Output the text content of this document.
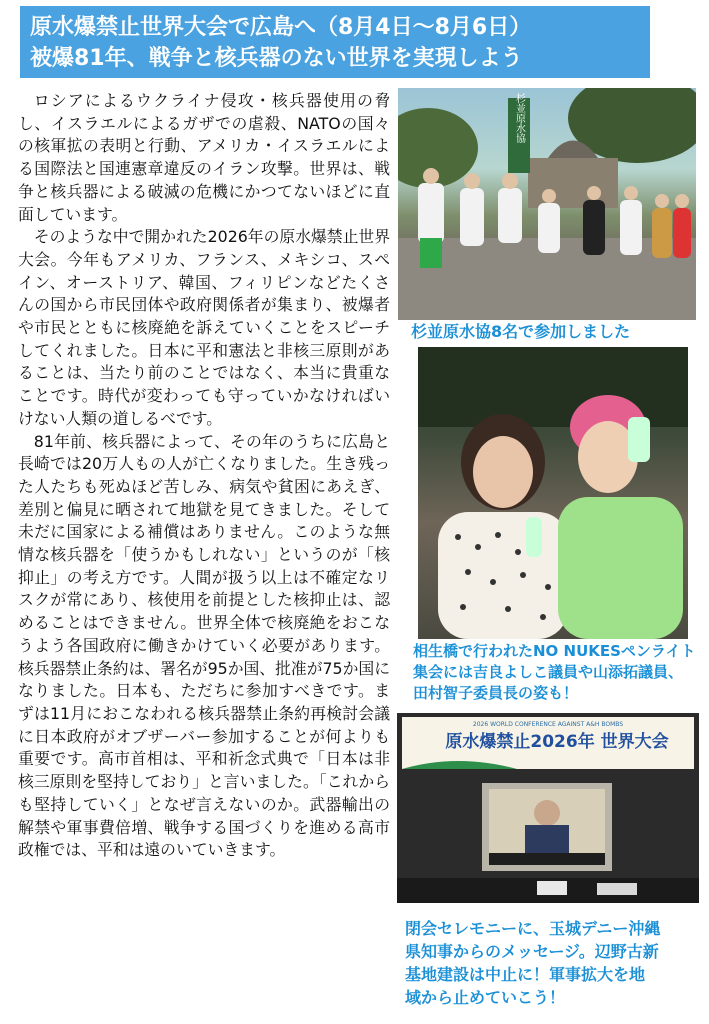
原水爆禁止世界大会で広島へ（8月4日～8月6日）
被爆81年、戦争と核兵器のない世界を実現しよう

ロシアによるウクライナ侵攻・核兵器使用の脅し、イスラエルによるガザでの虐殺、NATOの国々の核軍拡の表明と行動、アメリカ・イスラエルによる国際法と国連憲章違反のイラン攻撃。世界は、戦争と核兵器による破滅の危機にかつてないほどに直面しています。

そのような中で開かれた2026年の原水爆禁止世界大会。今年もアメリカ、フランス、メキシコ、スペイン、オーストリア、韓国、フィリピンなどたくさんの国から市民団体や政府関係者が集まり、被爆者や市民とともに核廃絶を訴えていくことをスピーチしてくれました。日本に平和憲法と非核三原則があることは、当たり前のことではなく、本当に貴重なことです。時代が変わっても守っていかなければいけない人類の道しるべです。

81年前、核兵器によって、その年のうちに広島と長崎では20万人もの人が亡くなりました。生き残った人たちも死ぬほど苦しみ、病気や貧困にあえぎ、差別と偏見に晒されて地獄を見てきました。そして未だに国家による補償はありません。このような無情な核兵器を「使うかもしれない」というのが「核抑止」の考え方です。人間が扱う以上は不確定なリスクが常にあり、核使用を前提とした核抑止は、認めることはできません。世界全体で核廃絶をおこなうよう各国政府に働きかけていく必要があります。核兵器禁止条約は、署名が95か国、批准が75か国になりました。日本も、ただちに参加すべきです。まずは11月におこなわれる核兵器禁止条約再検討会議に日本政府がオブザーバー参加することが何よりも重要です。高市首相は、平和祈念式典で「日本は非核三原則を堅持しており」と言いました。「これからも堅持していく」となぜ言えないのか。武器輸出の解禁や軍事費倍増、戦争する国づくりを進める高市政権では、平和は遠のいていきます。

杉並原水協
杉並原水協8名で参加しました
相生橋で行われたNO NUKESペンライト
集会には吉良よしこ議員や山添拓議員、
田村智子委員長の姿も！
2026 WORLD CONFERENCE AGAINST A&H BOMBS
原水爆禁止2026年 世界大会
閉会セレモニーに、玉城デニー沖縄
県知事からのメッセージ。辺野古新
基地建設は中止に！軍事拡大を地
域から止めていこう！
